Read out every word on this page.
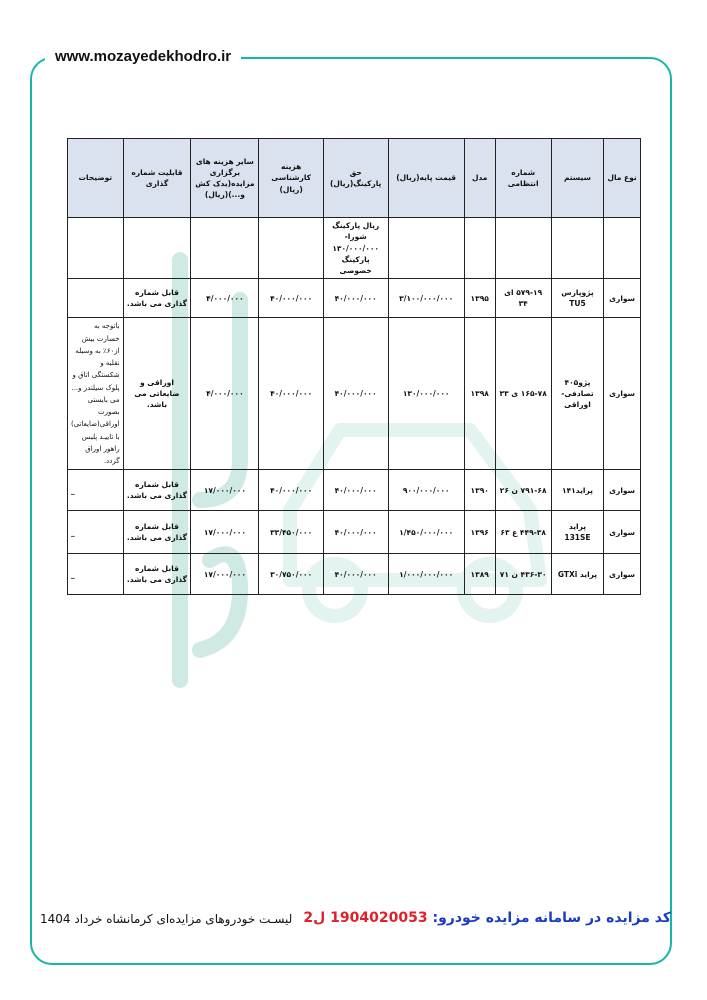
www.mozayedekhodro.ir
نوع مال	سیستم	شماره انتظامی	مدل	قیمت پایه(ریال)	حق پارکینگ(ریال)	هزینه کارشناسی (ریال)	سایر هزینه های برگزاری مزایده(یدک کش و...)(ریال)	قابلیت شماره گذاری	توضیحات
					ریال پارکینگ شورا- ۱۳۰/۰۰۰/۰۰۰ پارکینگ خصوصی				
سواری	پژوپارس TU5	۵۷۹-۱۹ ای ۳۴	۱۳۹۵	۳/۱۰۰/۰۰۰/۰۰۰	۴۰/۰۰۰/۰۰۰	۴۰/۰۰۰/۰۰۰	۴/۰۰۰/۰۰۰	قابل شماره گذاری می باشد.	
سواری	پژو۴۰۵ تصادفی- اوراقی	۱۶۵-۷۸ ی ۳۳	۱۳۹۸	۱۳۰/۰۰۰/۰۰۰	۴۰/۰۰۰/۰۰۰	۴۰/۰۰۰/۰۰۰	۴/۰۰۰/۰۰۰	اوراقی و ضایعاتی می باشد.	باتوجه به خسارت بیش از۶۰٪ به وسیله نقلیه و شکستگی اتاق و پلوک سیلندر و... می بایستی بصورت اوراقی(ضایعاتی) با تاییـد پلیس راهور اوراق گردد.
سواری	پراید۱۴۱	۷۹۱-۶۸ ن ۲۶	۱۳۹۰	۹۰۰/۰۰۰/۰۰۰	۴۰/۰۰۰/۰۰۰	۴۰/۰۰۰/۰۰۰	۱۷/۰۰۰/۰۰۰	قابل شماره گذاری می باشد.	_
سواری	پراید 131SE	۴۴۹-۳۸ ع ۶۳	۱۳۹۶	۱/۴۵۰/۰۰۰/۰۰۰	۴۰/۰۰۰/۰۰۰	۳۳/۴۵۰/۰۰۰	۱۷/۰۰۰/۰۰۰	قابل شماره گذاری می باشد.	_
سواری	پراید GTXi	۴۳۶-۳۰ ن ۷۱	۱۳۸۹	۱/۰۰۰/۰۰۰/۰۰۰	۴۰/۰۰۰/۰۰۰	۳۰/۷۵۰/۰۰۰	۱۷/۰۰۰/۰۰۰	قابل شماره گذاری می باشد.	_
کد مزایده در سامانه مزایده خودرو: 1904020053 ل2
لیسـت خودروهای مزایده‌ای کرمانشاه خرداد 1404
